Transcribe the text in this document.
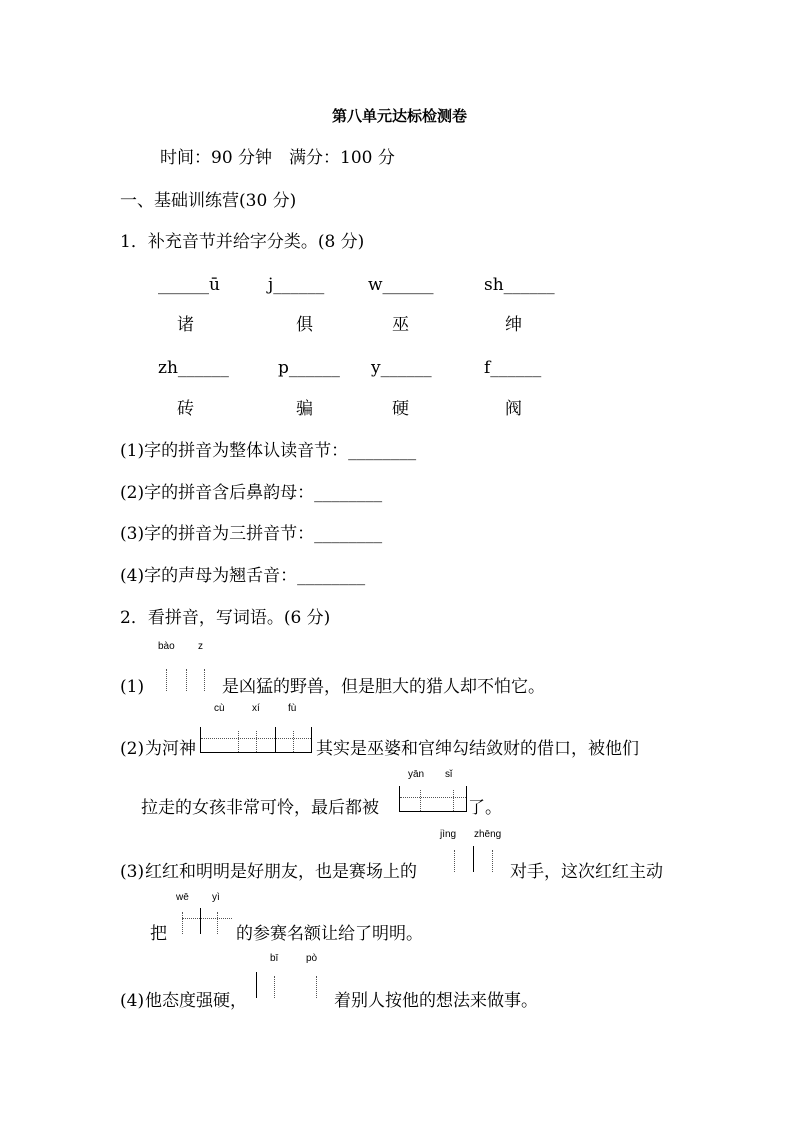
第八单元达标检测卷
时间：90 分钟　满分：100 分
一、基础训练营(30 分)
1．补充音节并给字分类。(8 分)
______ū	j______	w______	sh______
诸	俱	巫	绅
zh______	p______ y______	f______
砖	骗	硬	阀
(1)字的拼音为整体认读音节：________
(2)字的拼音含后鼻韵母：________
(3)字的拼音为三拼音节：________
(4)字的声母为翘舌音：________
2．看拼音，写词语。(6 分)
bào z
(1)	是凶猛的野兽，但是胆大的猎人却不怕它。
cù	xí	fù
(2) 为河神	其实是巫婆和官绅勾结敛财的借口，被他们
yān sǐ
拉走的女孩非常可怜，最后都被	了。
jìng zhēng
(3) 红红和明明是好朋友，也是赛场上的	对手，这次红红主动
wē yì
把	的参赛名额让给了明明。
bī	pò
(4) 他态度强硬，	着别人按他的想法来做事。
